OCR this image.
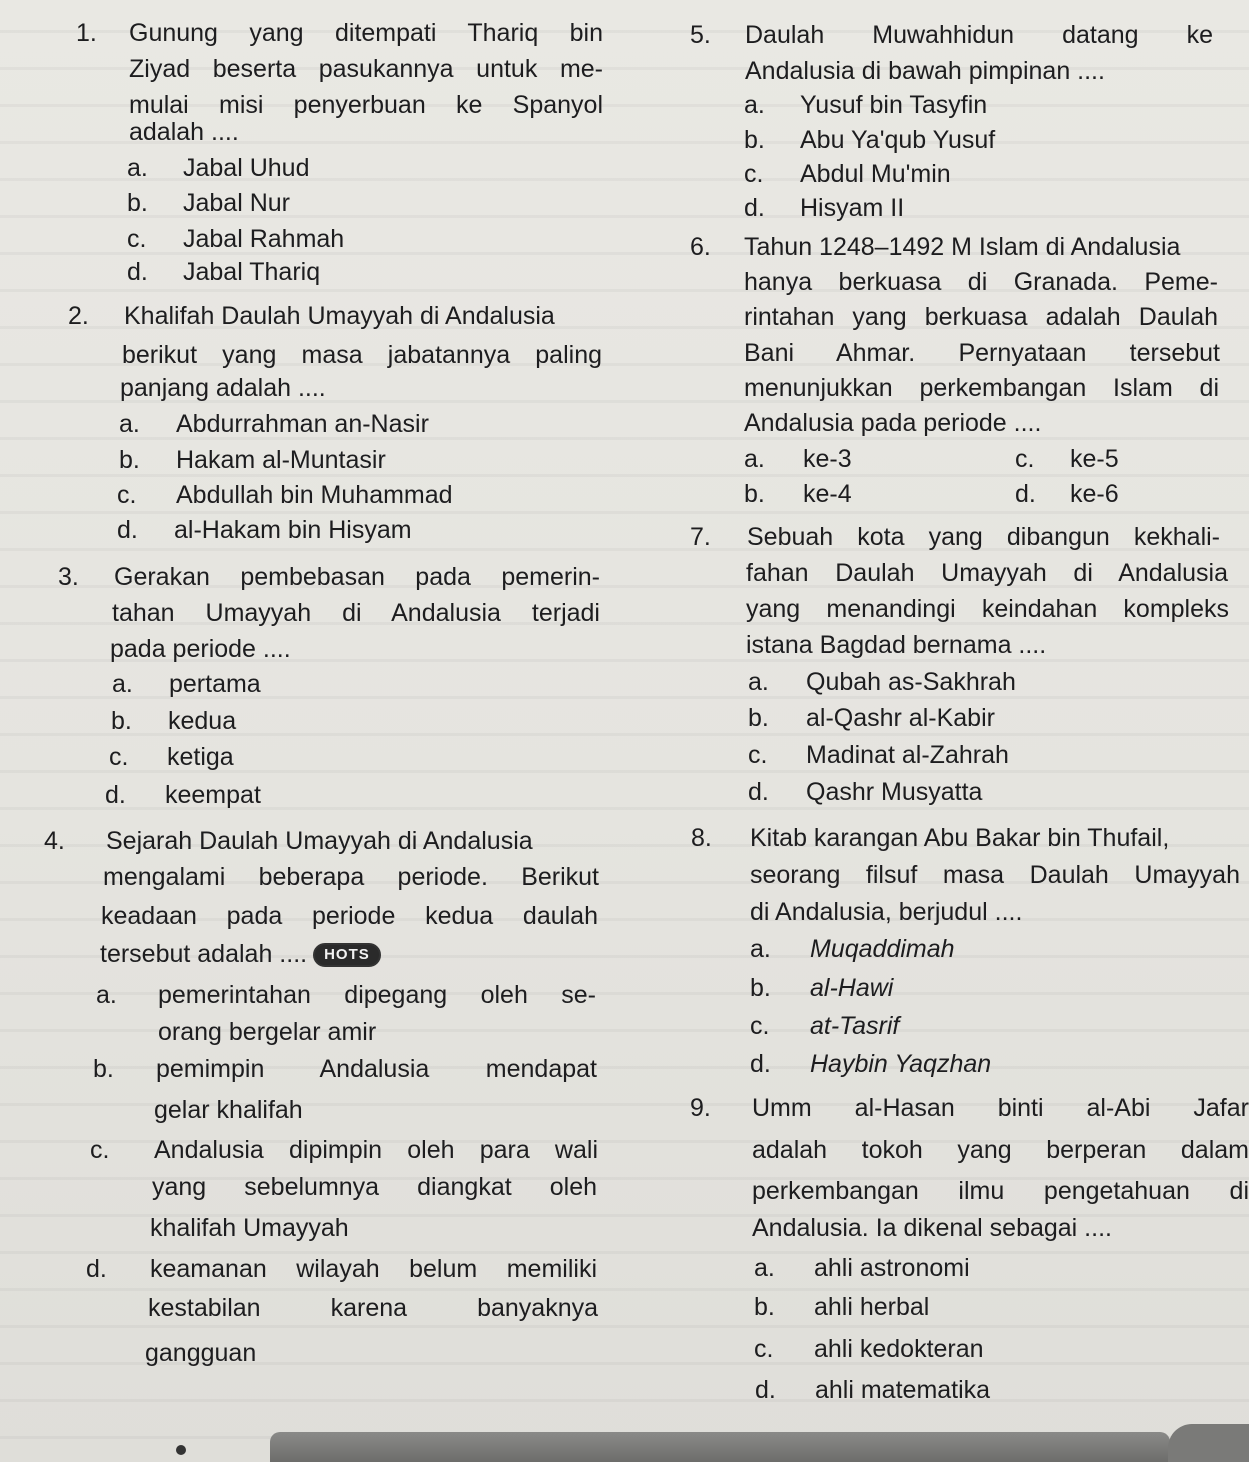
1. Gunung yang ditempati Thariq bin
Ziyad beserta pasukannya untuk me-
mulai misi penyerbuan ke Spanyol
adalah ....
a. Jabal Uhud
b. Jabal Nur
c. Jabal Rahmah
d. Jabal Thariq
2. Khalifah Daulah Umayyah di Andalusia
berikut yang masa jabatannya paling
panjang adalah ....
a. Abdurrahman an-Nasir
b. Hakam al-Muntasir
c. Abdullah bin Muhammad
d. al-Hakam bin Hisyam
3. Gerakan pembebasan pada pemerin-
tahan Umayyah di Andalusia terjadi
pada periode ....
a. pertama
b. kedua
c. ketiga
d. keempat
4. Sejarah Daulah Umayyah di Andalusia
mengalami beberapa periode. Berikut
keadaan pada periode kedua daulah
tersebut adalah .... HOTS
a. pemerintahan dipegang oleh se-
orang bergelar amir
b. pemimpin Andalusia mendapat
gelar khalifah
c. Andalusia dipimpin oleh para wali
yang sebelumnya diangkat oleh
khalifah Umayyah
d. keamanan wilayah belum memiliki
kestabilan karena banyaknya
gangguan
5. Daulah Muwahhidun datang ke
Andalusia di bawah pimpinan ....
a. Yusuf bin Tasyfin
b. Abu Ya'qub Yusuf
c. Abdul Mu'min
d. Hisyam II
6. Tahun 1248–1492 M Islam di Andalusia
hanya berkuasa di Granada. Peme-
rintahan yang berkuasa adalah Daulah
Bani Ahmar. Pernyataan tersebut
menunjukkan perkembangan Islam di
Andalusia pada periode ....
a. ke-3
b. ke-4
c. ke-5
d. ke-6
7. Sebuah kota yang dibangun kekhali-
fahan Daulah Umayyah di Andalusia
yang menandingi keindahan kompleks
istana Bagdad bernama ....
a. Qubah as-Sakhrah
b. al-Qashr al-Kabir
c. Madinat al-Zahrah
d. Qashr Musyatta
8. Kitab karangan Abu Bakar bin Thufail,
seorang filsuf masa Daulah Umayyah
di Andalusia, berjudul ....
a. Muqaddimah
b. al-Hawi
c. at-Tasrif
d. Haybin Yaqzhan
9. Umm al-Hasan binti al-Abi Jafar
adalah tokoh yang berperan dalam
perkembangan ilmu pengetahuan di
Andalusia. Ia dikenal sebagai ....
a. ahli astronomi
b. ahli herbal
c. ahli kedokteran
d. ahli matematika
